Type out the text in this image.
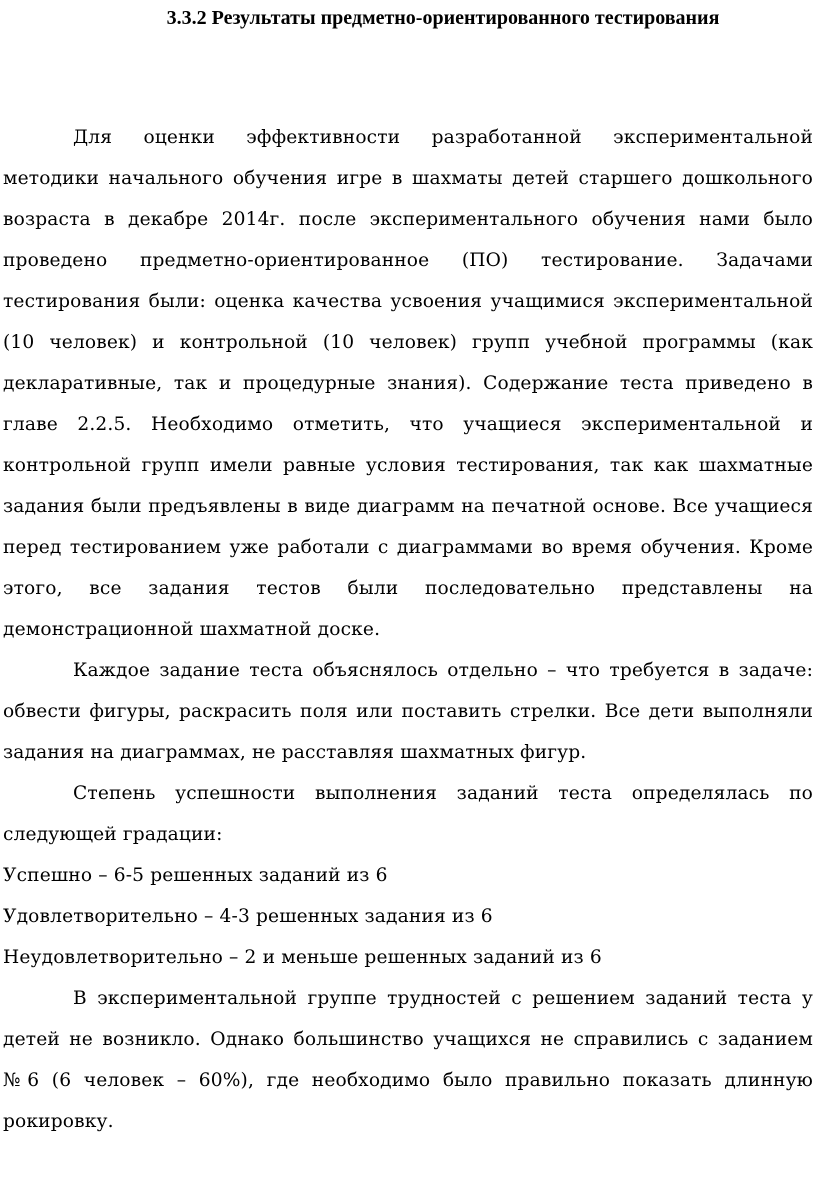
3.3.2 Результаты предметно-ориентированного тестирования

Для оценки эффективности разработанной экспериментальной методики начального обучения игре в шахматы детей старшего дошкольного возраста в декабре 2014г. после экспериментального обучения нами было проведено предметно-ориентированное (ПО) тестирование. Задачами тестирования были: оценка качества усвоения учащимися экспериментальной (10 человек) и контрольной (10 человек) групп учебной программы (как декларативные, так и процедурные знания). Содержание теста приведено в главе 2.2.5. Необходимо отметить, что учащиеся экспериментальной и контрольной групп имели равные условия тестирования, так как шахматные задания были предъявлены в виде диаграмм на печатной основе. Все учащиеся перед тестированием уже работали с диаграммами во время обучения. Кроме этого, все задания тестов были последовательно представлены на демонстрационной шахматной доске.

Каждое задание теста объяснялось отдельно – что требуется в задаче: обвести фигуры, раскрасить поля или поставить стрелки. Все дети выполняли задания на диаграммах, не расставляя шахматных фигур.

Степень успешности выполнения заданий теста определялась по следующей градации:

Успешно – 6-5 решенных заданий из 6

Удовлетворительно – 4-3 решенных задания из 6

Неудовлетворительно – 2 и меньше решенных заданий из 6

В экспериментальной группе трудностей с решением заданий теста у детей не возникло. Однако большинство учащихся не справились с заданием №6 (6 человек – 60%), где необходимо было правильно показать длинную рокировку.
